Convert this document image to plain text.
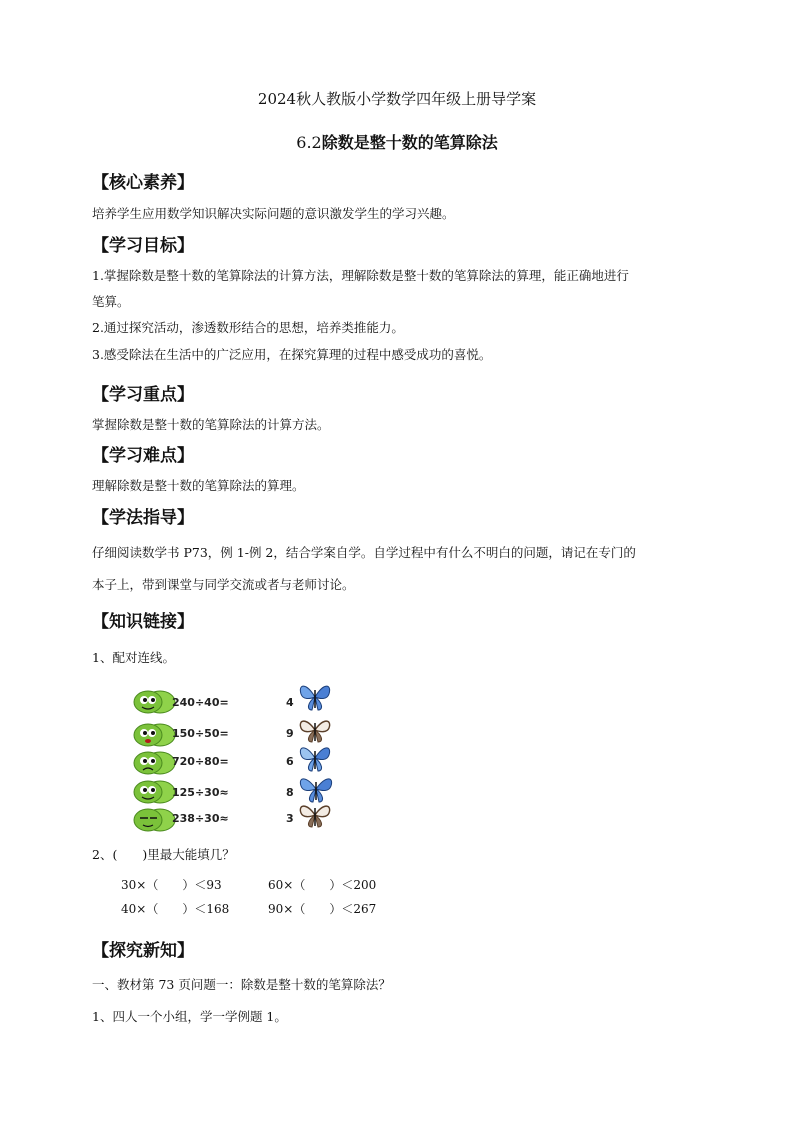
2024秋人教版小学数学四年级上册导学案
6.2除数是整十数的笔算除法
【核心素养】
培养学生应用数学知识解决实际问题的意识激发学生的学习兴趣。
【学习目标】
1.掌握除数是整十数的笔算除法的计算方法，理解除数是整十数的笔算除法的算理，能正确地进行
笔算。
2.通过探究活动，渗透数形结合的思想，培养类推能力。
3.感受除法在生活中的广泛应用，在探究算理的过程中感受成功的喜悦。
【学习重点】
掌握除数是整十数的笔算除法的计算方法。
【学习难点】
理解除数是整十数的笔算除法的算理。
【学法指导】
仔细阅读数学书 P73，例 1-例 2，结合学案自学。自学过程中有什么不明白的问题，请记在专门的
本子上，带到课堂与同学交流或者与老师讨论。
【知识链接】
1、配对连线。
240÷40=
150÷50=
720÷80=
125÷30≈
238÷30≈
4
9
6
8
3
2、(　　)里最大能填几？
30×（　　）＜93	60×（　　）＜200
40×（　　）＜168	90×（　　）＜267
【探究新知】
一、教材第 73 页问题一：除数是整十数的笔算除法？
1、四人一个小组，学一学例题 1。
